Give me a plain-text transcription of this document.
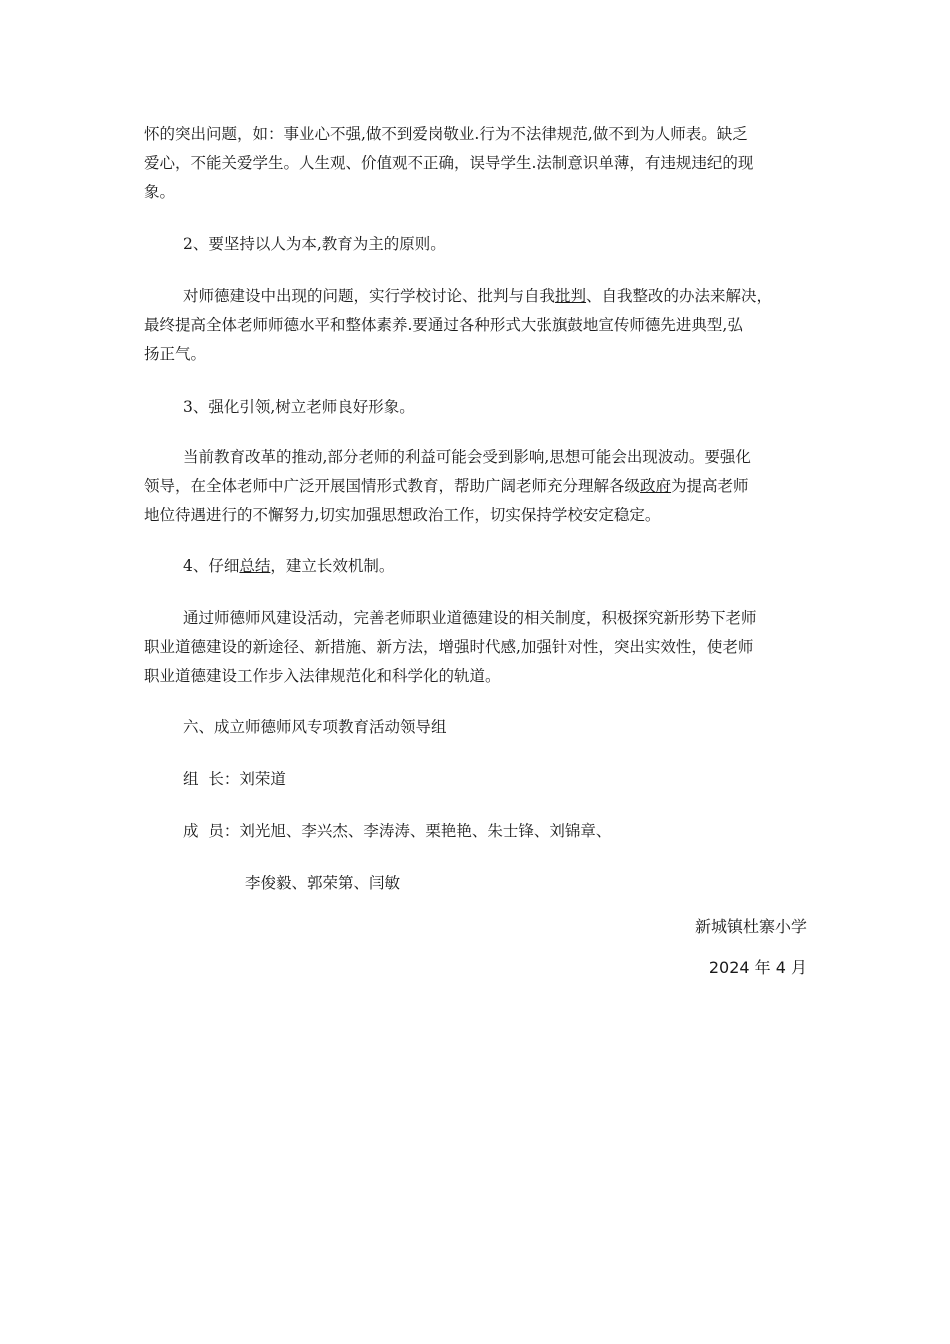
怀的突出问题，如：事业心不强,做不到爱岗敬业.行为不法律规范,做不到为人师表。缺乏
爱心，不能关爱学生。人生观、价值观不正确，误导学生.法制意识单薄，有违规违纪的现
象。
2、要坚持以人为本,教育为主的原则。
对师德建设中出现的问题，实行学校讨论、批判与自我批判、自我整改的办法来解决，
最终提高全体老师师德水平和整体素养.要通过各种形式大张旗鼓地宣传师德先进典型,弘
扬正气。
3、强化引领,树立老师良好形象。
当前教育改革的推动,部分老师的利益可能会受到影响,思想可能会出现波动。要强化
领导，在全体老师中广泛开展国情形式教育，帮助广阔老师充分理解各级政府为提高老师
地位待遇进行的不懈努力,切实加强思想政治工作，切实保持学校安定稳定。
4、仔细总结，建立长效机制。
通过师德师风建设活动，完善老师职业道德建设的相关制度，积极探究新形势下老师
职业道德建设的新途径、新措施、新方法，增强时代感,加强针对性，突出实效性，使老师
职业道德建设工作步入法律规范化和科学化的轨道。
六、成立师德师风专项教育活动领导组
组  长：刘荣道
成  员：刘光旭、李兴杰、李涛涛、栗艳艳、朱士锋、刘锦章、
李俊毅、郭荣第、闫敏
新城镇杜寨小学
2024 年 4 月
